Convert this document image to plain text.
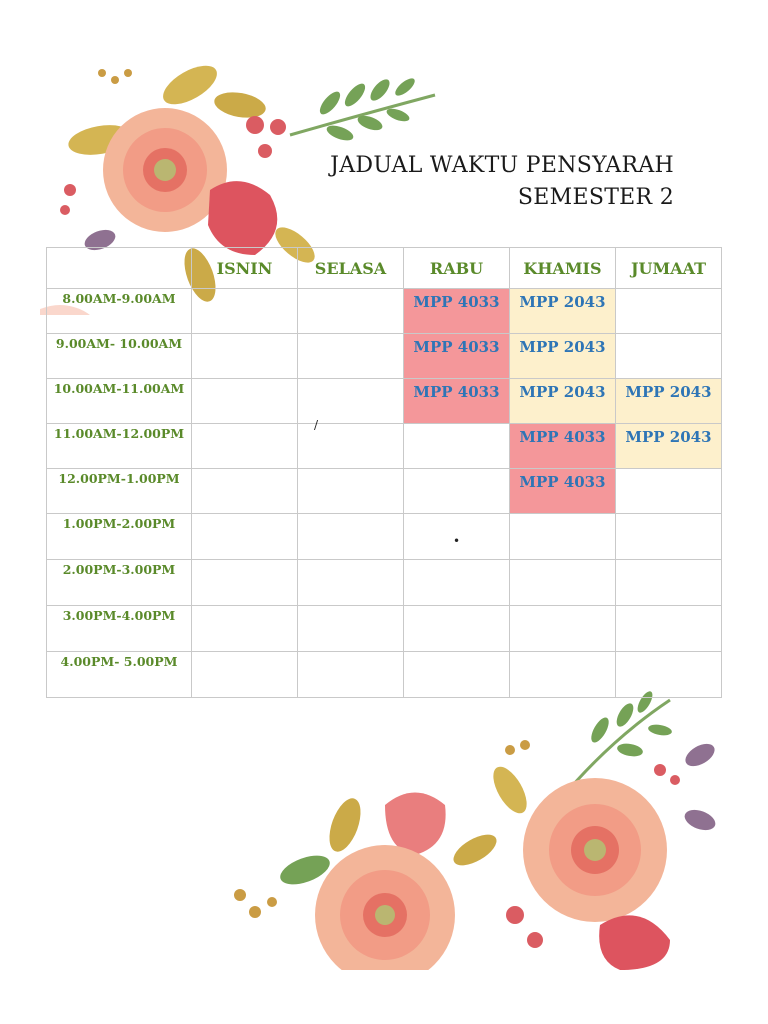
JADUAL WAKTU PENSYARAH
SEMESTER 2
	ISNIN	SELASA	RABU	KHAMIS	JUMAAT
8.00AM-9.00AM			MPP 4033	MPP 2043	
9.00AM- 10.00AM			MPP 4033	MPP 2043	
10.00AM-11.00AM			MPP 4033	MPP 2043	MPP 2043
11.00AM-12.00PM				MPP 4033	MPP 2043
12.00PM-1.00PM				MPP 4033	
1.00PM-2.00PM					
2.00PM-3.00PM					
3.00PM-4.00PM					
4.00PM- 5.00PM					
/
•
